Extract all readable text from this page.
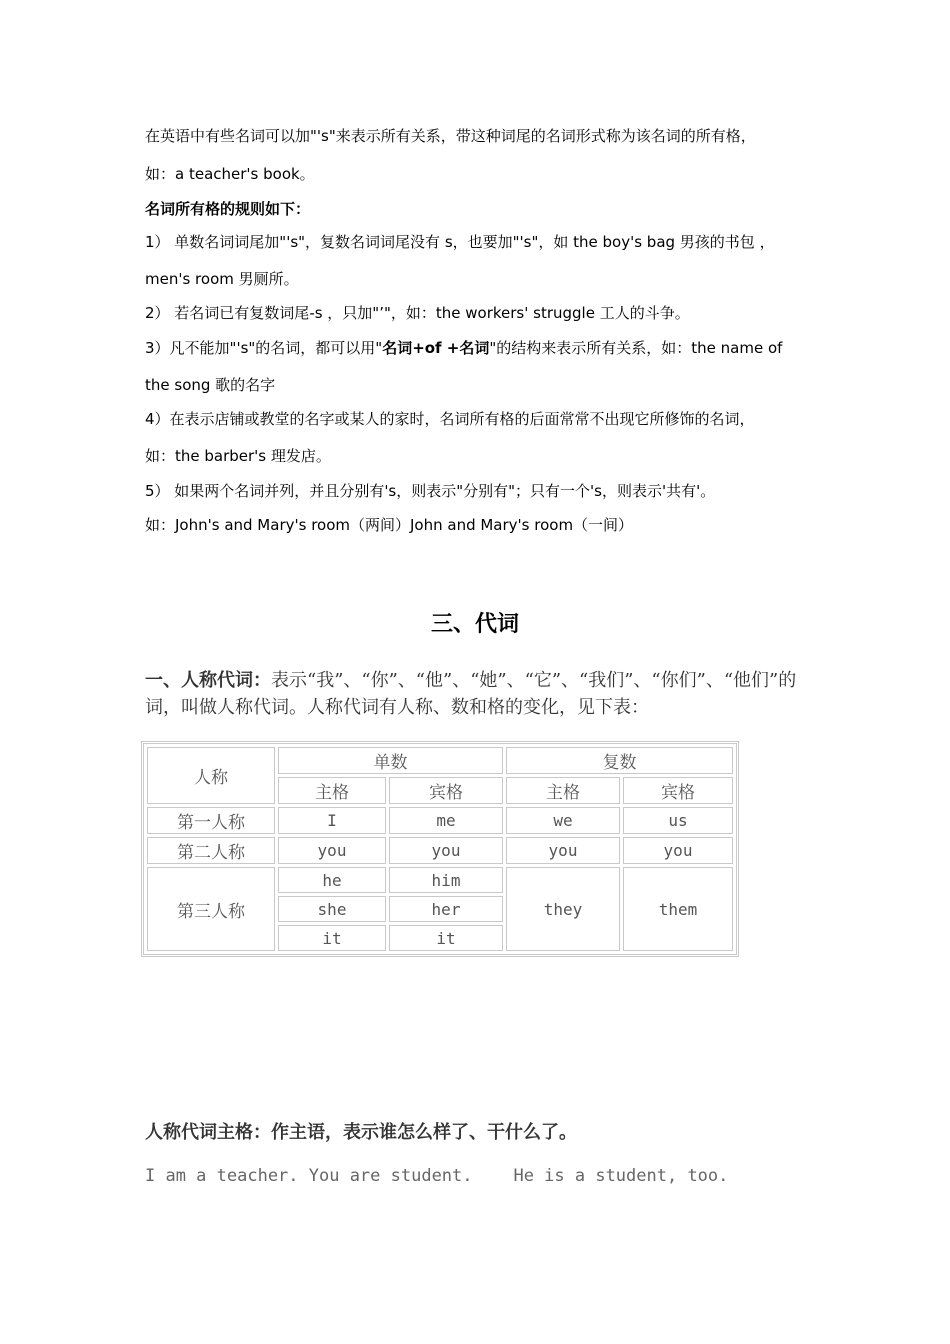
在英语中有些名词可以加"'s"来表示所有关系，带这种词尾的名词形式称为该名词的所有格，
如：a teacher's book。
名词所有格的规则如下：
1） 单数名词词尾加"'s"，复数名词词尾没有 s，也要加"'s"，如 the boy's bag 男孩的书包 ，
men's room 男厕所。
2） 若名词已有复数词尾-s ，只加"’"，如：the workers' struggle 工人的斗争。
3）凡不能加"'s"的名词，都可以用"名词+of +名词"的结构来表示所有关系，如：the name of
the song 歌的名字
4）在表示店铺或教堂的名字或某人的家时，名词所有格的后面常常不出现它所修饰的名词，
如：the barber's 理发店。
5） 如果两个名词并列，并且分别有's，则表示"分别有"；只有一个's，则表示'共有'。
如：John's and Mary's room（两间）John and Mary's room（一间）
三、代词
一、人称代词：表示“我”、“你”、“他”、“她”、“它”、“我们”、“你们”、“他们”的词，叫做人称代词。人称代词有人称、数和格的变化，见下表：
人称	单数		复数	
	主格	宾格	主格	宾格
第一人称	I	me	we	us
第二人称	you	you	you	you
第三人称	he	him	they	them
	she	her		
	it	it		
人称代词主格：作主语，表示谁怎么样了、干什么了。
I am a teacher. You are student.    He is a student, too.
